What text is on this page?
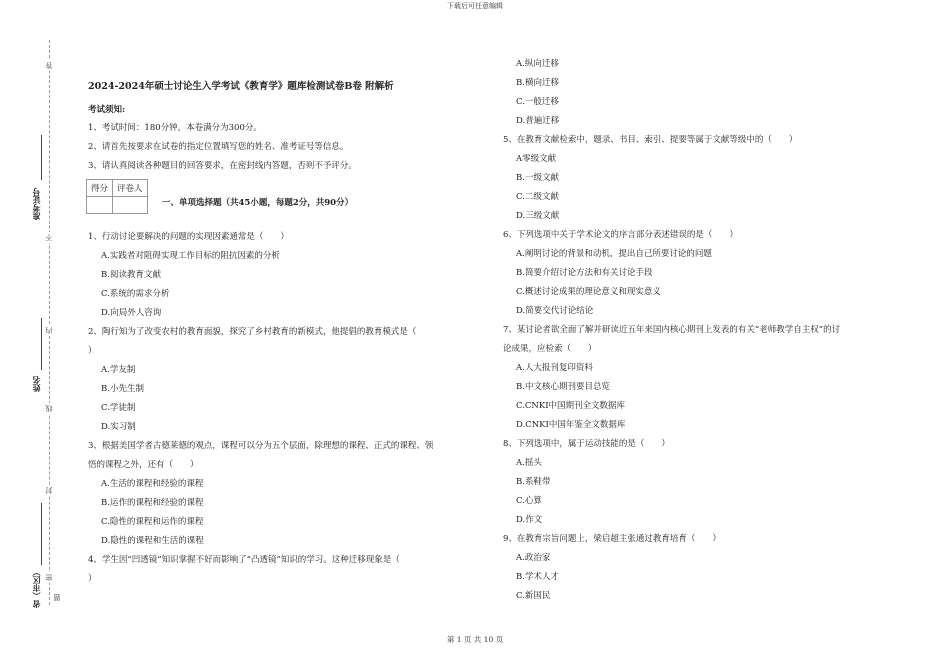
下载后可任意编辑
答
不
内
线
封
密
准考证号
姓名
省（市区） 题
2024-2024年硕士讨论生入学考试《教育学》题库检测试卷B卷 附解析
考试须知:
1、考试时间：180分钟，本卷满分为300分。
2、请首先按要求在试卷的指定位置填写您的姓名、准考证号等信息。
3、请认真阅读各种题目的回答要求，在密封线内答题，否则不予评分。
得分	评卷人

一、单项选择题（共45小题，每题2分，共90分）
1、行动讨论要解决的问题的实现因素通常是（　　）
A.实践者对阻碍实现工作目标的阻抗因素的分析
B.阅读教育文献
C.系统的需求分析
D.向局外人咨询
2、陶行知为了改变农村的教育面貌，探究了乡村教育的新模式，他提倡的教育模式是（
）
A.学友制
B.小先生制
C.学徒制
D.实习制
3、根据美国学者古德莱德的观点，课程可以分为五个层面，除理想的课程、正式的课程、领
悟的课程之外，还有（　　）
A.生活的课程和经验的课程
B.运作的课程和经验的课程
C.隐性的课程和运作的课程
D.隐性的课程和生活的课程
4、学生因“凹透镜”知识掌握不好而影响了“凸透镜”知识的学习。这种迁移现象是（
）
A.纵向迁移
B.横向迁移
C.一般迁移
D.普遍迁移
5、在教育文献检索中，题录、书目、索引、提要等属于文献等级中的（　　）
A零级文献
B.一级文献
C.二级文献
D.三级文献
6、下列选项中关于学术论文的序言部分表述错误的是（　　）
A.阐明讨论的背景和动机，提出自己所要讨论的问题
B.简要介绍讨论方法和有关讨论手段
C.概述讨论成果的理论意义和现实意义
D.简要交代讨论结论
7、某讨论者欲全面了解并研读近五年来国内核心期刊上发表的有关“老师教学自主权”的讨
论成果，应检索（　　）
A.人大报刊复印资料
B.中文核心期刊要目总览
C.CNKI中国期刊全文数据库
D.CNKI中国年鉴全文数据库
8、下列选项中，属于运动技能的是（　　）
A.摇头
B.系鞋带
C.心算
D.作文
9、在教育宗旨问题上，梁启超主张通过教育培育（　　）
A.政治家
B.学术人才
C.新国民
第 1 页 共 10 页
